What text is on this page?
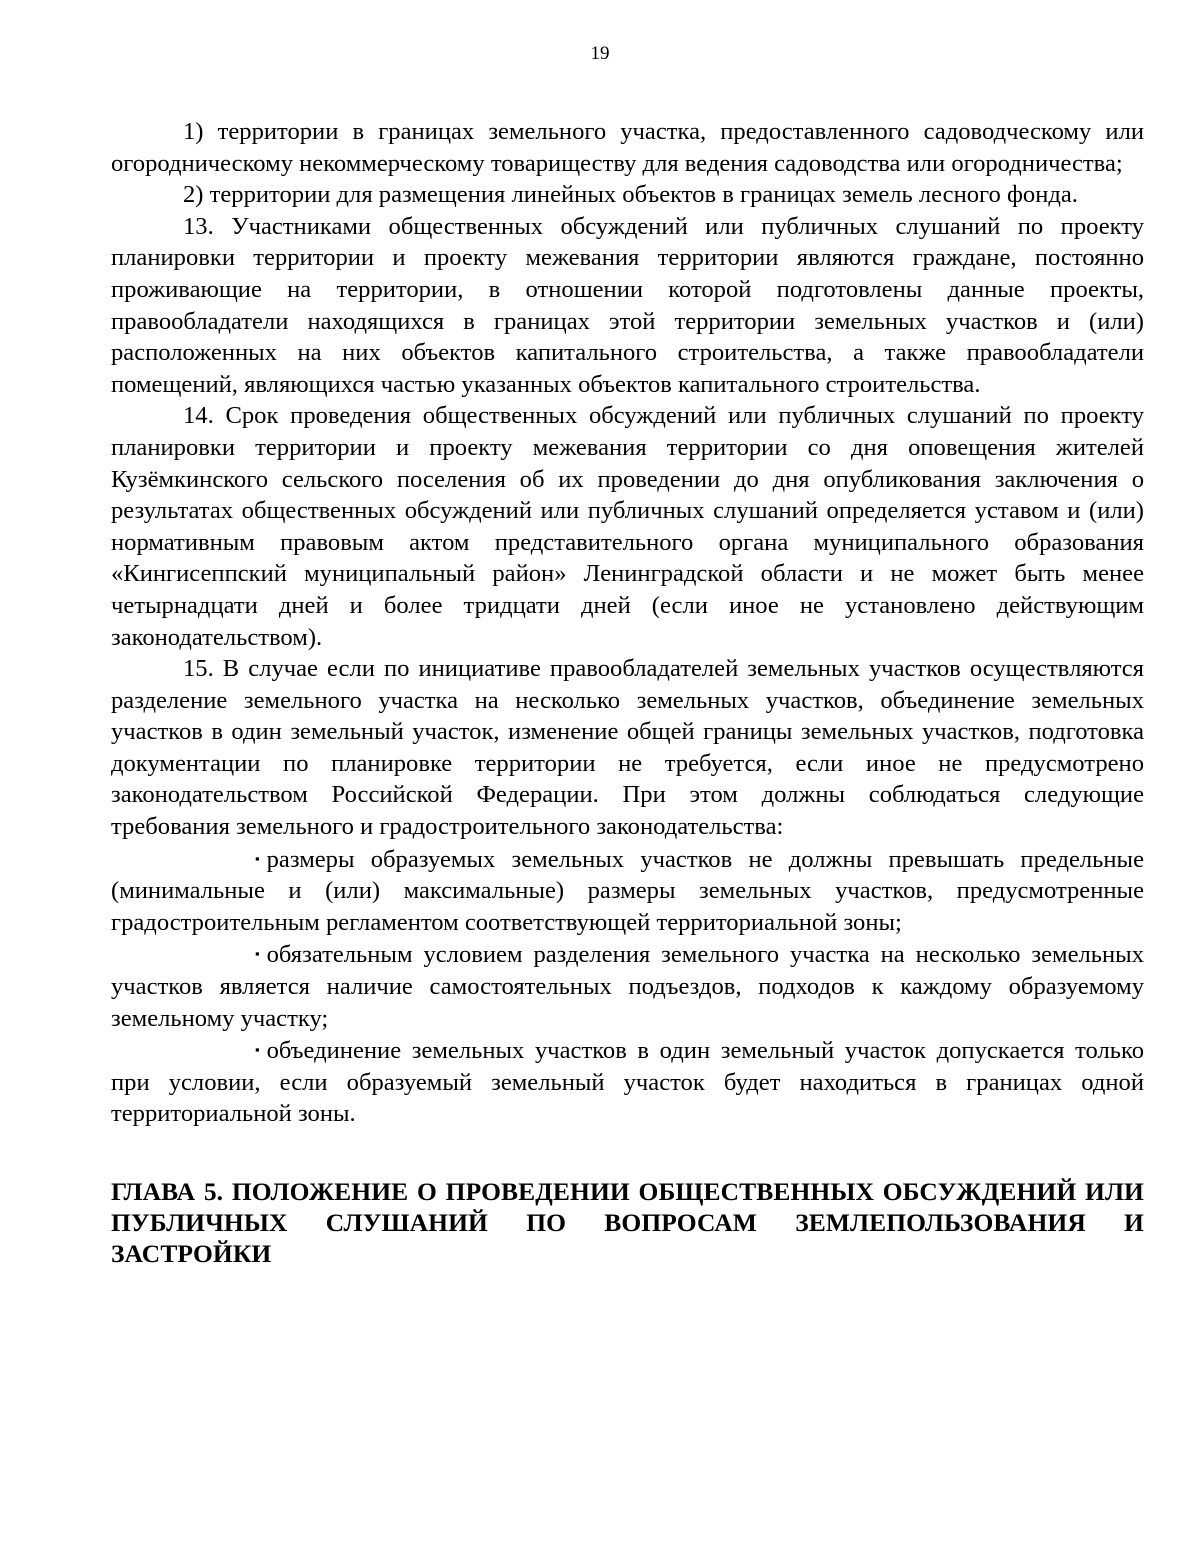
19

1) территории в границах земельного участка, предоставленного садоводческому или огородническому некоммерческому товариществу для ведения садоводства или огородничества;

2) территории для размещения линейных объектов в границах земель лесного фонда.

13. Участниками общественных обсуждений или публичных слушаний по проекту планировки территории и проекту межевания территории являются граждане, постоянно проживающие на территории, в отношении которой подготовлены данные проекты, правообладатели находящихся в границах этой территории земельных участков и (или) расположенных на них объектов капитального строительства, а также правообладатели помещений, являющихся частью указанных объектов капитального строительства.

14. Срок проведения общественных обсуждений или публичных слушаний по проекту планировки территории и проекту межевания территории со дня оповещения жителей Кузёмкинского сельского поселения об их проведении до дня опубликования заключения о результатах общественных обсуждений или публичных слушаний определяется уставом и (или) нормативным правовым актом представительного органа муниципального образования «Кингисеппский муниципальный район» Ленинградской области и не может быть менее четырнадцати дней и более тридцати дней (если иное не установлено действующим законодательством).

15. В случае если по инициативе правообладателей земельных участков осуществляются разделение земельного участка на несколько земельных участков, объединение земельных участков в один земельный участок, изменение общей границы земельных участков, подготовка документации по планировке территории не требуется, если иное не предусмотрено законодательством Российской Федерации. При этом должны соблюдаться следующие требования земельного и градостроительного законодательства:

▪ размеры образуемых земельных участков не должны превышать предельные (минимальные и (или) максимальные) размеры земельных участков, предусмотренные градостроительным регламентом соответствующей территориальной зоны;

▪ обязательным условием разделения земельного участка на несколько земельных участков является наличие самостоятельных подъездов, подходов к каждому образуемому земельному участку;

▪ объединение земельных участков в один земельный участок допускается только при условии, если образуемый земельный участок будет находиться в границах одной территориальной зоны.

ГЛАВА 5. ПОЛОЖЕНИЕ О ПРОВЕДЕНИИ ОБЩЕСТВЕННЫХ ОБСУЖДЕНИЙ ИЛИ ПУБЛИЧНЫХ СЛУШАНИЙ ПО ВОПРОСАМ ЗЕМЛЕПОЛЬЗОВАНИЯ И ЗАСТРОЙКИ
